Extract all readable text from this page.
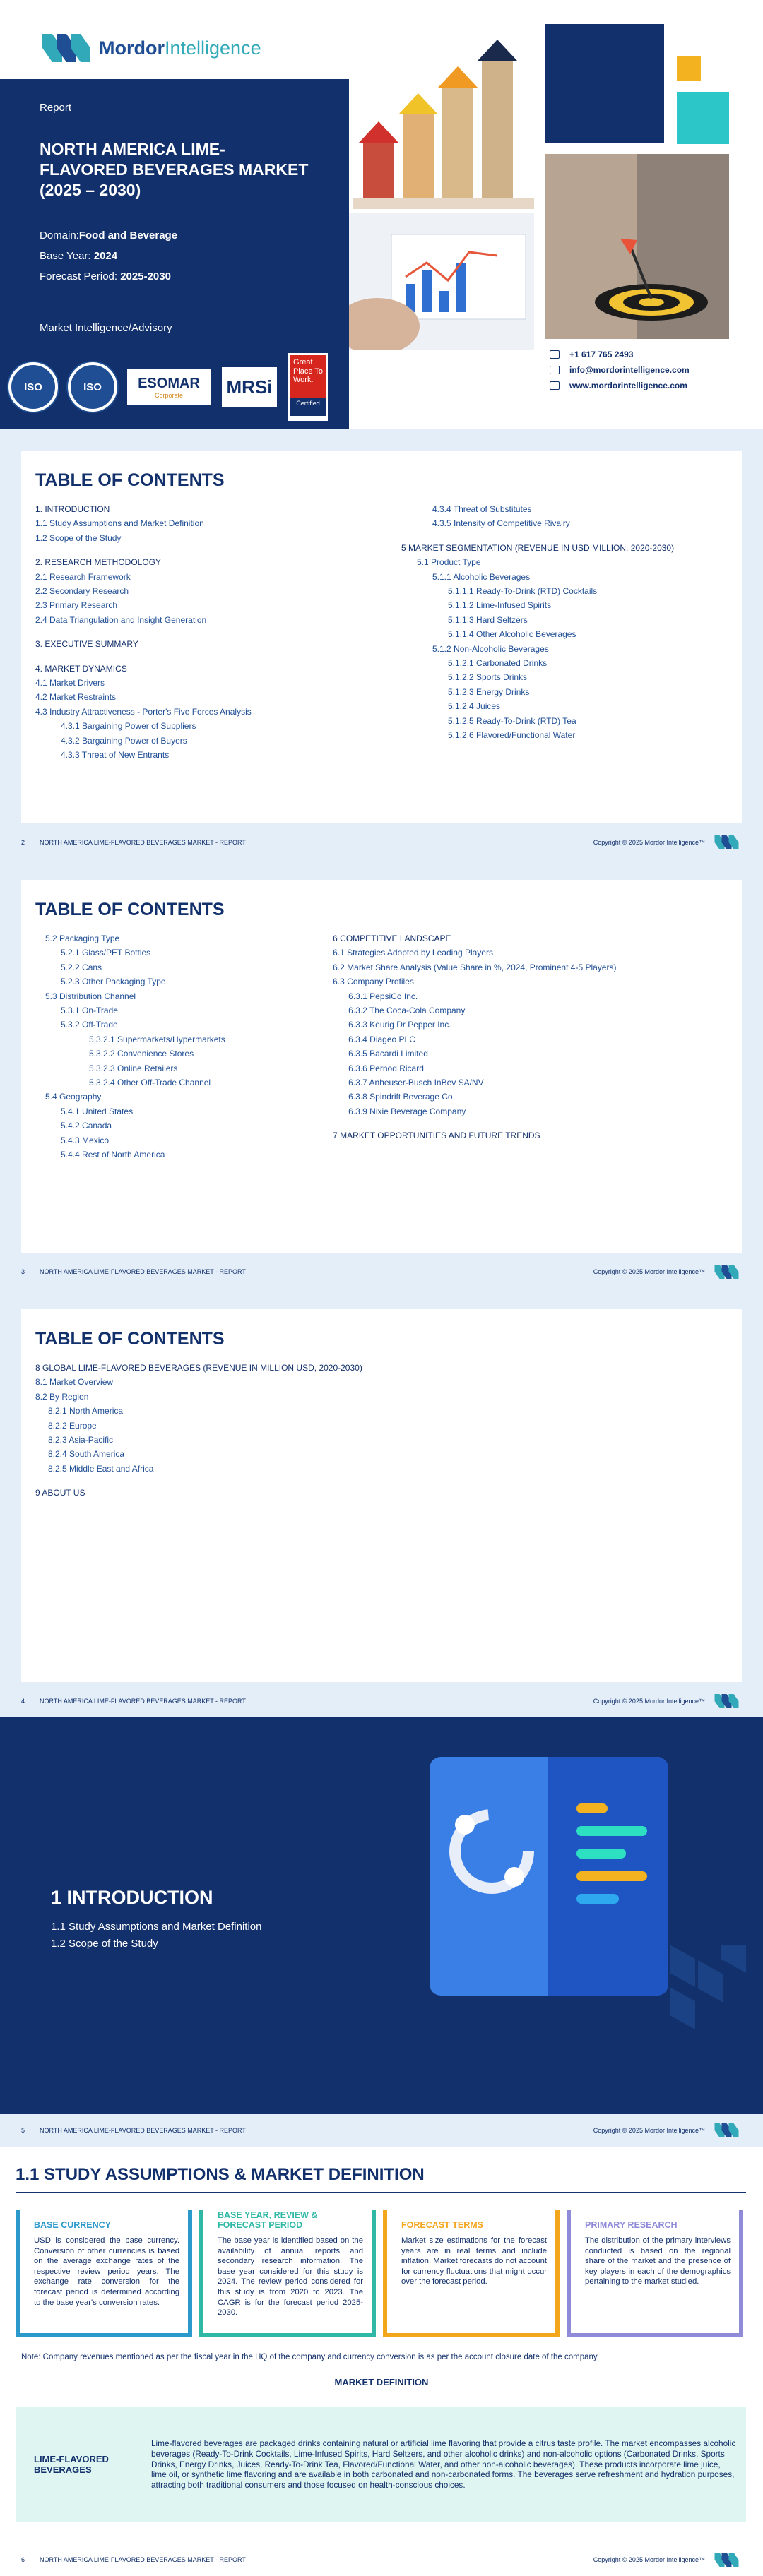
MordorIntelligence
Report
NORTH AMERICA LIME-FLAVORED BEVERAGES MARKET (2025 – 2030)
Domain:Food and Beverage
Base Year: 2024
Forecast Period: 2025-2030
Market Intelligence/Advisory
ISO	ISO	ESOMAR
Corporate MRSi
Great Place To Work.
Certified
+1 617 765 2493
info@mordorintelligence.com
www.mordorintelligence.com
TABLE OF CONTENTS
1. INTRODUCTION
1.1 Study Assumptions and Market Definition
1.2 Scope of the Study
2. RESEARCH METHODOLOGY
2.1 Research Framework
2.2 Secondary Research
2.3 Primary Research
2.4 Data Triangulation and Insight Generation
3. EXECUTIVE SUMMARY
4. MARKET DYNAMICS
4.1 Market Drivers
4.2 Market Restraints
4.3 Industry Attractiveness - Porter's Five Forces Analysis
4.3.1 Bargaining Power of Suppliers
4.3.2 Bargaining Power of Buyers
4.3.3 Threat of New Entrants
4.3.4 Threat of Substitutes
4.3.5 Intensity of Competitive Rivalry
5 MARKET SEGMENTATION (REVENUE IN USD MILLION, 2020-2030)
5.1 Product Type
5.1.1 Alcoholic Beverages
5.1.1.1 Ready-To-Drink (RTD) Cocktails
5.1.1.2 Lime-Infused Spirits
5.1.1.3 Hard Seltzers
5.1.1.4 Other Alcoholic Beverages
5.1.2 Non-Alcoholic Beverages
5.1.2.1 Carbonated Drinks
5.1.2.2 Sports Drinks
5.1.2.3 Energy Drinks
5.1.2.4 Juices
5.1.2.5 Ready-To-Drink (RTD) Tea
5.1.2.6 Flavored/Functional Water
2	NORTH AMERICA LIME-FLAVORED BEVERAGES MARKET - REPORT	Copyright © 2025 Mordor Intelligence™
TABLE OF CONTENTS
5.2 Packaging Type
5.2.1 Glass/PET Bottles
5.2.2 Cans
5.2.3 Other Packaging Type
5.3 Distribution Channel
5.3.1 On-Trade
5.3.2 Off-Trade
5.3.2.1 Supermarkets/Hypermarkets
5.3.2.2 Convenience Stores
5.3.2.3 Online Retailers
5.3.2.4 Other Off-Trade Channel
5.4 Geography
5.4.1 United States
5.4.2 Canada
5.4.3 Mexico
5.4.4 Rest of North America
6 COMPETITIVE LANDSCAPE
6.1 Strategies Adopted by Leading Players
6.2 Market Share Analysis (Value Share in %, 2024, Prominent 4-5 Players)
6.3 Company Profiles
6.3.1 PepsiCo Inc.
6.3.2 The Coca-Cola Company
6.3.3 Keurig Dr Pepper Inc.
6.3.4 Diageo PLC
6.3.5 Bacardi Limited
6.3.6 Pernod Ricard
6.3.7 Anheuser-Busch InBev SA/NV
6.3.8 Spindrift Beverage Co.
6.3.9 Nixie Beverage Company
7 MARKET OPPORTUNITIES AND FUTURE TRENDS
3	NORTH AMERICA LIME-FLAVORED BEVERAGES MARKET - REPORT	Copyright © 2025 Mordor Intelligence™
TABLE OF CONTENTS
8 GLOBAL LIME-FLAVORED BEVERAGES (REVENUE IN MILLION USD, 2020-2030)
8.1 Market Overview
8.2 By Region
8.2.1 North America
8.2.2 Europe
8.2.3 Asia-Pacific
8.2.4 South America
8.2.5 Middle East and Africa
9 ABOUT US
4	NORTH AMERICA LIME-FLAVORED BEVERAGES MARKET - REPORT	Copyright © 2025 Mordor Intelligence™
1 INTRODUCTION
1.1 Study Assumptions and Market Definition
1.2 Scope of the Study
5	NORTH AMERICA LIME-FLAVORED BEVERAGES MARKET - REPORT	Copyright © 2025 Mordor Intelligence™
1.1 STUDY ASSUMPTIONS & MARKET DEFINITION
BASE CURRENCY
USD is considered the base currency. Conversion of other currencies is based on the average exchange rates of the respective review period years. The exchange rate conversion for the forecast period is determined according to the base year's conversion rates.
BASE YEAR, REVIEW & FORECAST PERIOD
The base year is identified based on the availability of annual reports and secondary research information. The base year considered for this study is 2024. The review period considered for this study is from 2020 to 2023. The CAGR is for the forecast period 2025-2030.
FORECAST TERMS
Market size estimations for the forecast years are in real terms and include inflation. Market forecasts do not account for currency fluctuations that might occur over the forecast period.
PRIMARY RESEARCH
The distribution of the primary interviews conducted is based on the regional share of the market and the presence of key players in each of the demographics pertaining to the market studied.
Note: Company revenues mentioned as per the fiscal year in the HQ of the company and currency conversion is as per the account closure date of the company.
MARKET DEFINITION
LIME-FLAVORED BEVERAGES
Lime-flavored beverages are packaged drinks containing natural or artificial lime flavoring that provide a citrus taste profile. The market encompasses alcoholic beverages (Ready-To-Drink Cocktails, Lime-Infused Spirits, Hard Seltzers, and other alcoholic drinks) and non-alcoholic options (Carbonated Drinks, Sports Drinks, Energy Drinks, Juices, Ready-To-Drink Tea, Flavored/Functional Water, and other non-alcoholic beverages). These products incorporate lime juice, lime oil, or synthetic lime flavoring and are available in both carbonated and non-carbonated forms. The beverages serve refreshment and hydration purposes, attracting both traditional consumers and those focused on health-conscious choices.
6	NORTH AMERICA LIME-FLAVORED BEVERAGES MARKET - REPORT	Copyright © 2025 Mordor Intelligence™
